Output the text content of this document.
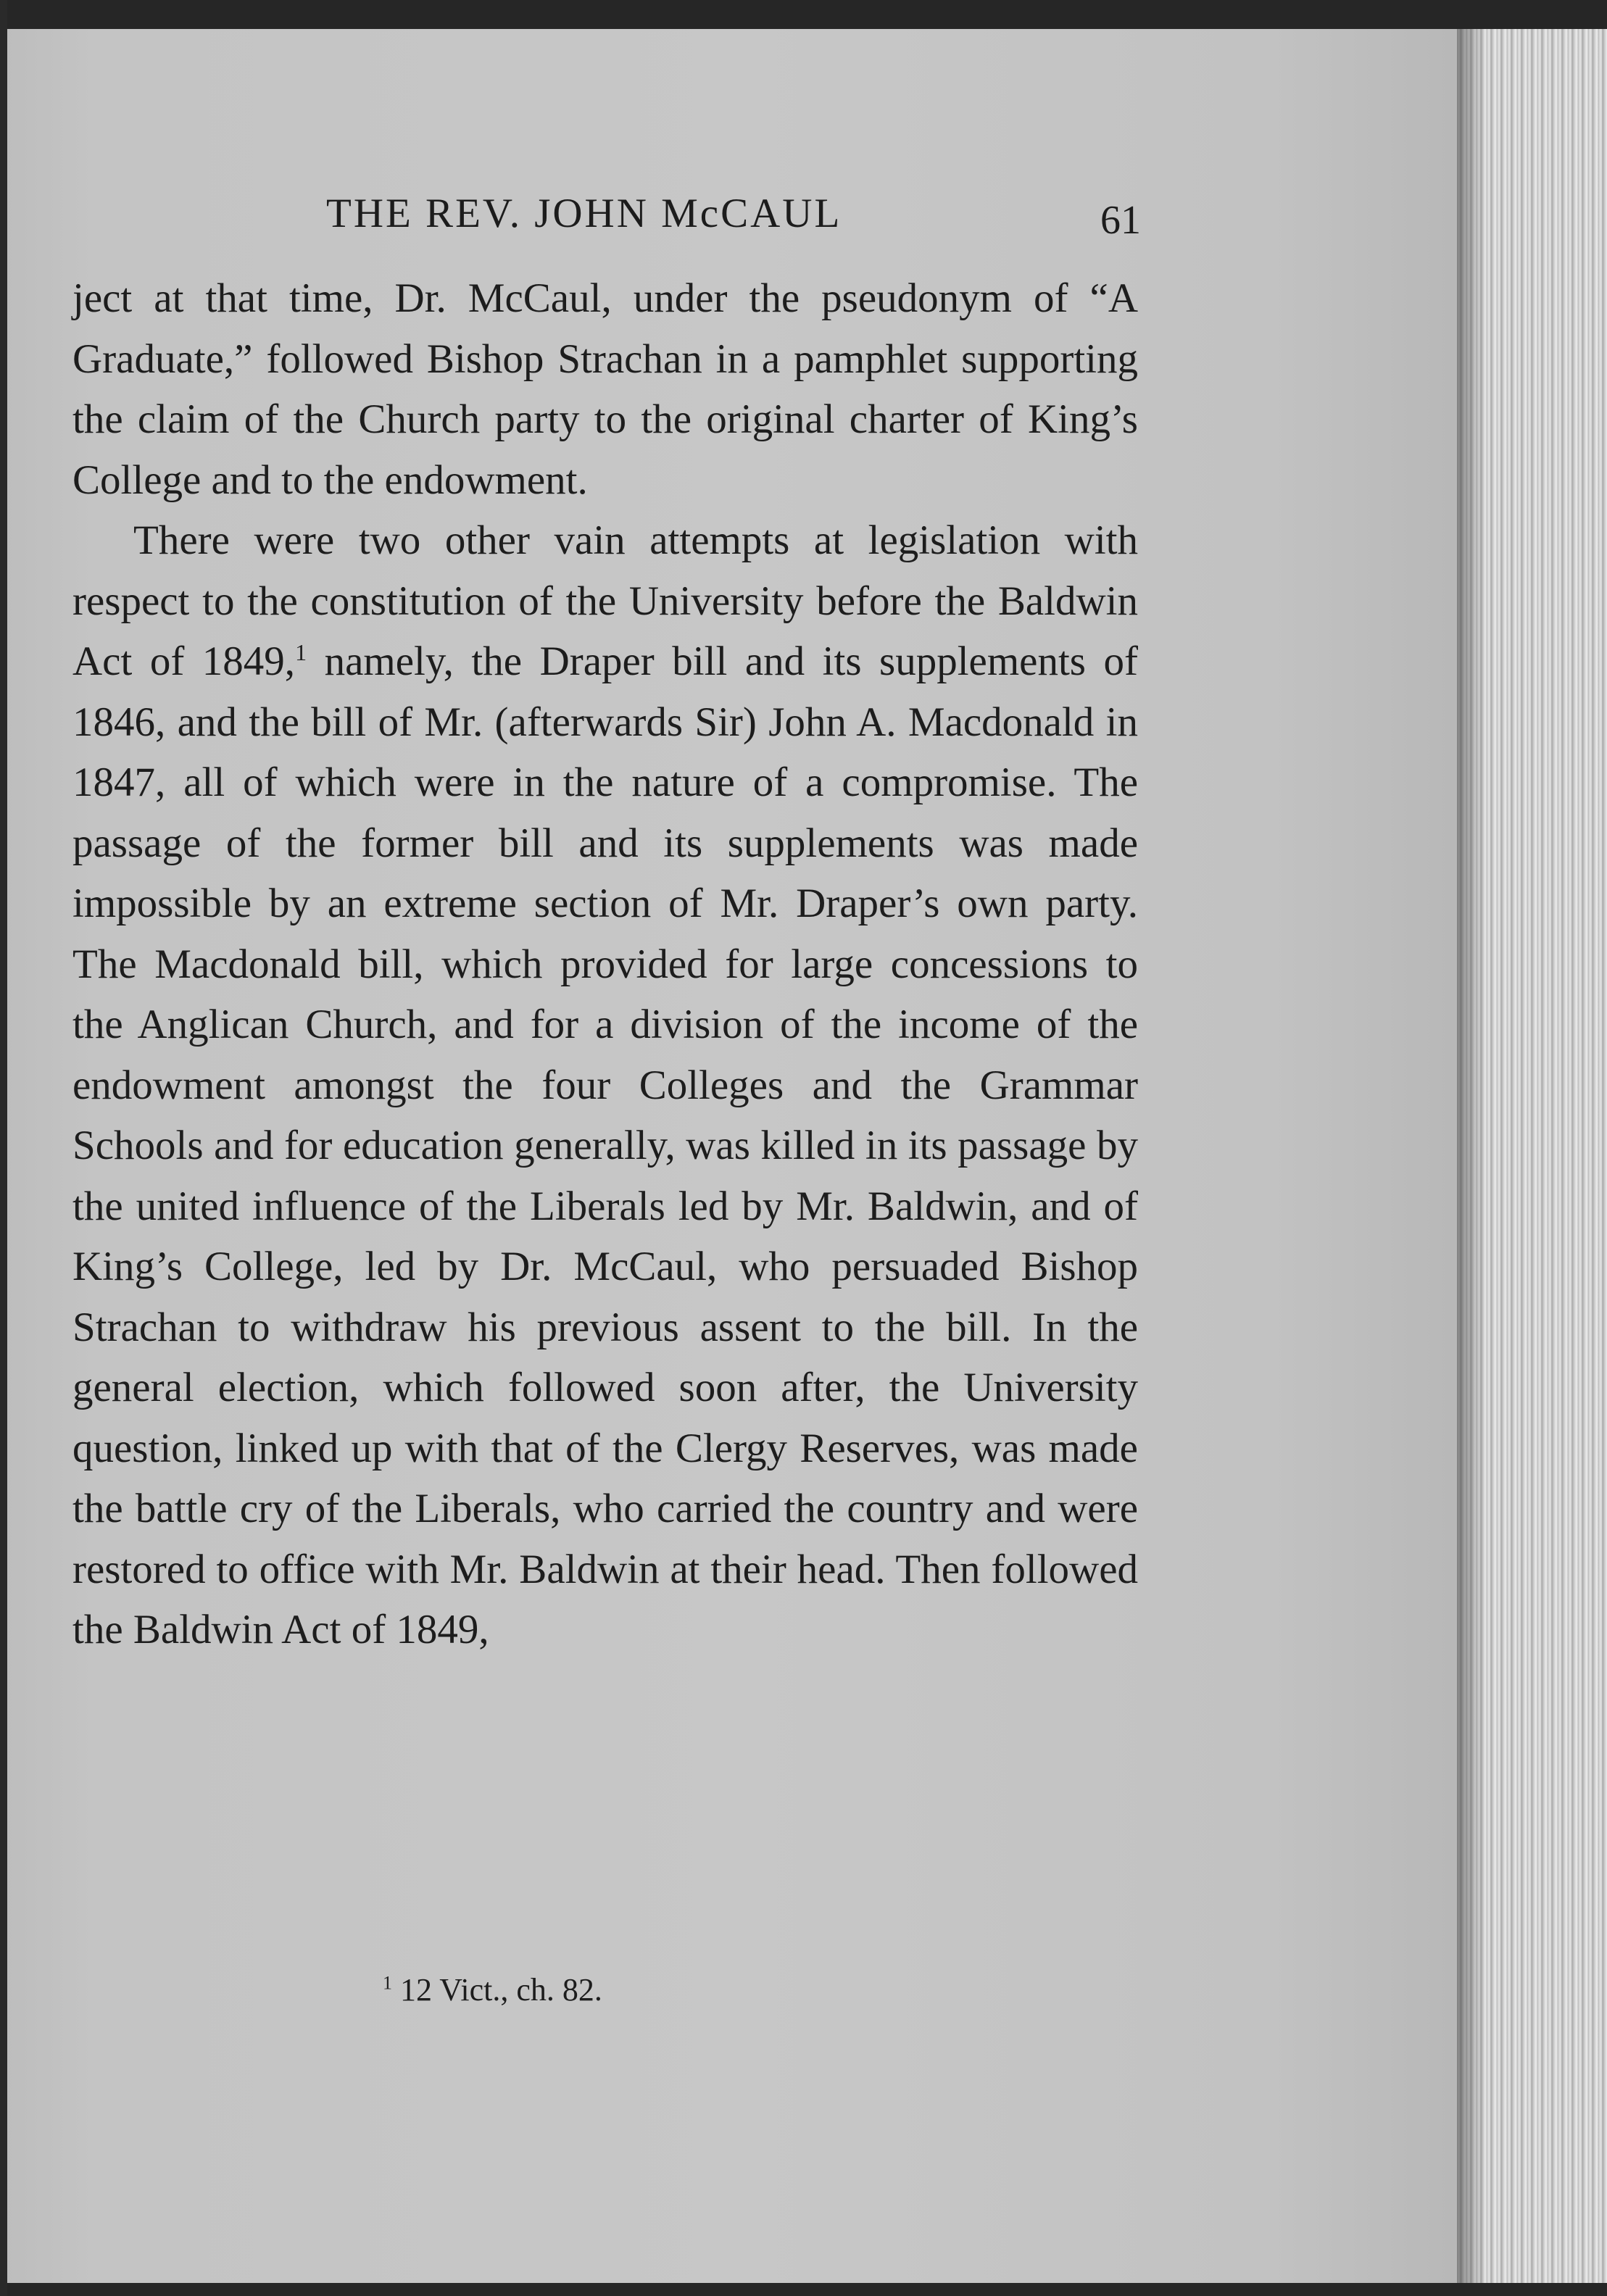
THE REV. JOHN McCAUL	61

ject at that time, Dr. McCaul, under the pseudonym of “A Graduate,” followed Bishop Strachan in a pamphlet supporting the claim of the Church party to the original charter of King’s College and to the endowment.

There were two other vain attempts at legislation with respect to the constitution of the University before the Baldwin Act of 1849,$^1$ namely, the Draper bill and its supplements of 1846, and the bill of Mr. (afterwards Sir) John A. Macdonald in 1847, all of which were in the nature of a compromise. The passage of the former bill and its supplements was made impossible by an extreme section of Mr. Draper’s own party. The Macdonald bill, which provided for large concessions to the Anglican Church, and for a division of the income of the endowment amongst the four Colleges and the Grammar Schools and for education generally, was killed in its passage by the united influence of the Liberals led by Mr. Baldwin, and of King’s College, led by Dr. McCaul, who persuaded Bishop Strachan to withdraw his previous assent to the bill. In the general election, which followed soon after, the University question, linked up with that of the Clergy Reserves, was made the battle cry of the Liberals, who carried the country and were restored to office with Mr. Baldwin at their head. Then followed the Baldwin Act of 1849,

$^1$ 12 Vict., ch. 82.
